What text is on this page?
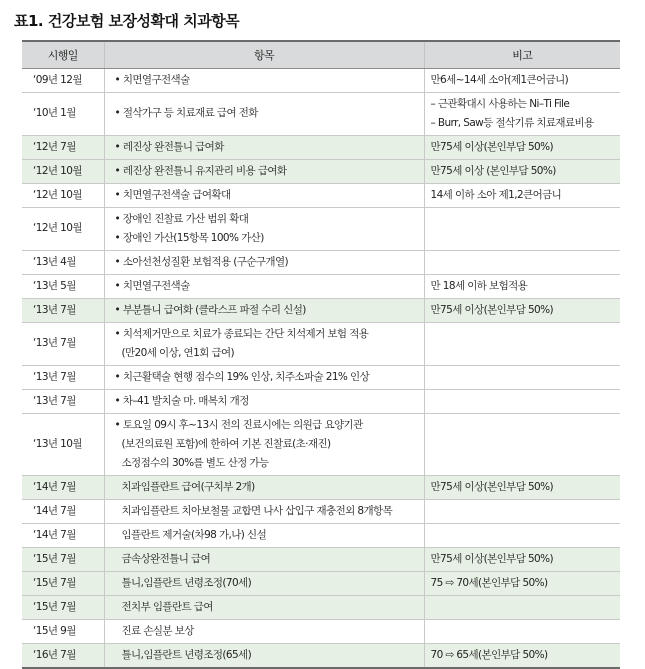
표1. 건강보험 보장성확대 치과항목
시행일	항목	비고
‘09년 12월	• 치면열구전색술	만6세~14세 소아(제1큰어금니)

‘10년 1월	• 절삭가구 등 치료재료 급여 전화	– 근관확대시 사용하는 Ni–Ti File
– Burr, Saw등 절삭기류 치료재료비용

‘12년 7월	• 레진상 완전틀니 급여화	만75세 이상(본인부담 50%)

‘12년 10월	• 레진상 완전틀니 유지관리 비용 급여화	만75세 이상 (본인부담 50%)

‘12년 10월	• 치면열구전색술 급여확대	14세 이하 소아 제1,2큰어금니

‘12년 10월	• 장애인 진찰료 가산 범위 확대
• 장애인 가산(15항목 100% 가산)	

‘13년 4월	• 소아선천성질환 보험적용 (구순구개열)	

‘13년 5월	• 치면열구전색술	만 18세 이하 보험적용

‘13년 7월	• 부분틀니 급여화 (클라스프 파절 수리 신설)	만75세 이상(본인부담 50%)

‘13년 7월	• 치석제거만으로 치료가 종료되는 간단 치석제거 보험 적용
(만20세 이상, 연1회 급여)	

‘13년 7월	• 치근활택술 현행 점수의 19% 인상, 치주소파술 21% 인상	

‘13년 7월	• 차–41 발치술 마. 매복치 개정	

‘13년 10월	• 토요일 09시 후~13시 전의 진료시에는 의원급 요양기관
(보건의료원 포함)에 한하여 기본 진찰료(초·재진)
소정점수의 30%를 별도 산정 가능	

‘14년 7월	치과임플란트 급여(구치부 2개)	만75세 이상(본인부담 50%)

‘14년 7월	치과임플란트 치아보철물 교합면 나사 삽입구 재충전외 8개항목	

‘14년 7월	임플란트 제거술(차98 가,나) 신설	

‘15년 7월	금속상완전틀니 급여	만75세 이상(본인부담 50%)

‘15년 7월	틀니,임플란트 년령조정(70세)	75 ⇨ 70세(본인부담 50%)

‘15년 7월	전치부 임플란트 급여	

‘15년 9월	진료 손실분 보상	

‘16년 7월	틀니,임플란트 년령조정(65세)	70 ⇨ 65세(본인부담 50%)
